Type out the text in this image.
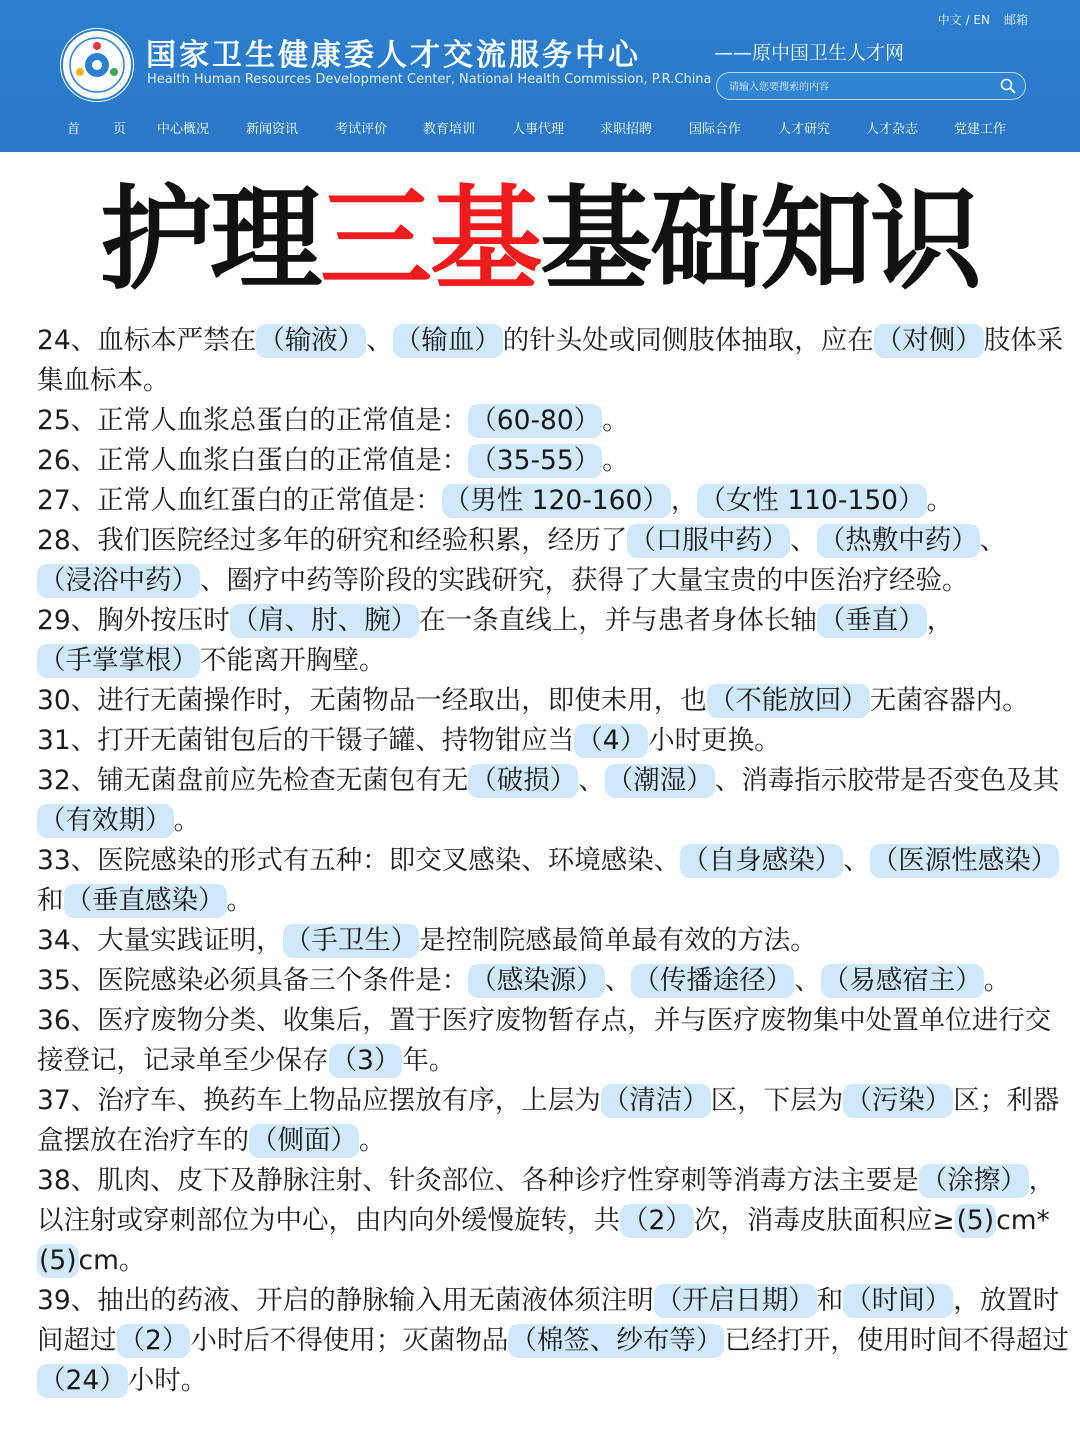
国家卫生健康委人才交流服务中心
Health Human Resources Development Center, National Health Commission, P.R.China
——原中国卫生人才网
中文 / EN 邮箱
请输入您要搜索的内容
首	页 中心概况	新闻资讯	考试评价	教育培训	人事代理	求职招聘	国际合作	人才研究	人才杂志	党建工作
护理三基基础知识
24、血标本严禁在（输液）、（输血）的针头处或同侧肢体抽取，应在（对侧）肢体采集血标本。
25、正常人血浆总蛋白的正常值是：（60-80）。
26、正常人血浆白蛋白的正常值是：（35-55）。
27、正常人血红蛋白的正常值是：（男性 120-160），（女性 110-150）。
28、我们医院经过多年的研究和经验积累，经历了（口服中药）、（热敷中药）、（浸浴中药）、圈疗中药等阶段的实践研究，获得了大量宝贵的中医治疗经验。
29、胸外按压时（肩、肘、腕）在一条直线上，并与患者身体长轴（垂直），（手掌掌根）不能离开胸壁。
30、进行无菌操作时，无菌物品一经取出，即使未用，也（不能放回）无菌容器内。
31、打开无菌钳包后的干镊子罐、持物钳应当（4）小时更换。
32、铺无菌盘前应先检查无菌包有无（破损）、（潮湿）、消毒指示胶带是否变色及其（有效期）。
33、医院感染的形式有五种：即交叉感染、环境感染、（自身感染）、（医源性感染）和（垂直感染）。
34、大量实践证明，（手卫生）是控制院感最简单最有效的方法。
35、医院感染必须具备三个条件是：（感染源）、（传播途径）、（易感宿主）。
36、医疗废物分类、收集后，置于医疗废物暂存点，并与医疗废物集中处置单位进行交接登记，记录单至少保存（3）年。
37、治疗车、换药车上物品应摆放有序，上层为（清洁）区，下层为（污染）区；利器盒摆放在治疗车的（侧面）。
38、肌肉、皮下及静脉注射、针灸部位、各种诊疗性穿刺等消毒方法主要是（涂擦），以注射或穿刺部位为中心，由内向外缓慢旋转，共（2）次，消毒皮肤面积应≥(5)cm*(5)cm。
39、抽出的药液、开启的静脉输入用无菌液体须注明（开启日期）和（时间），放置时间超过（2）小时后不得使用；灭菌物品（棉签、纱布等）已经打开，使用时间不得超过（24）小时。
